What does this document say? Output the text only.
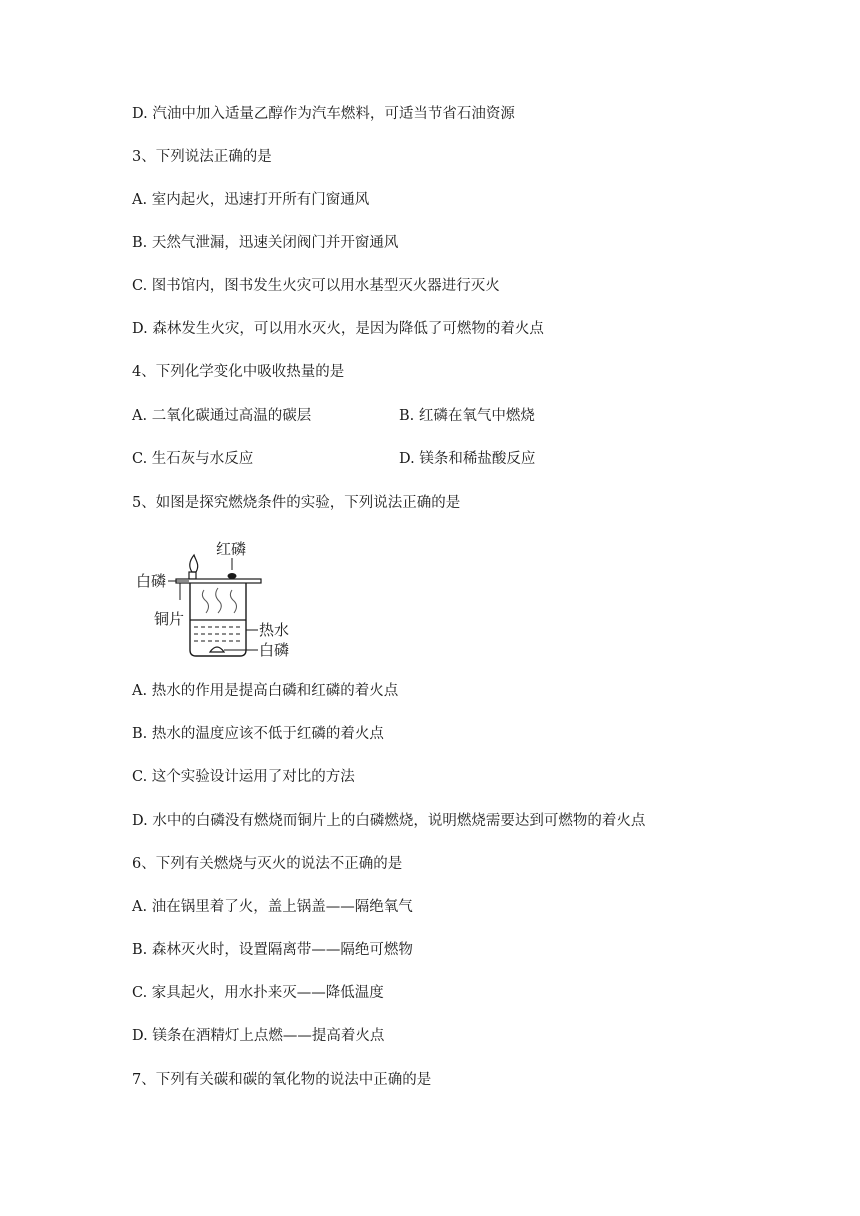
D. 汽油中加入适量乙醇作为汽车燃料，可适当节省石油资源
3、下列说法正确的是
A. 室内起火，迅速打开所有门窗通风
B. 天然气泄漏，迅速关闭阀门并开窗通风
C. 图书馆内，图书发生火灾可以用水基型灭火器进行灭火
D. 森林发生火灾，可以用水灭火，是因为降低了可燃物的着火点
4、下列化学变化中吸收热量的是
A. 二氧化碳通过高温的碳层	B. 红磷在氧气中燃烧
C. 生石灰与水反应	D. 镁条和稀盐酸反应
5、如图是探究燃烧条件的实验，下列说法正确的是
红磷
白磷
铜片
热水
白磷
A. 热水的作用是提高白磷和红磷的着火点
B. 热水的温度应该不低于红磷的着火点
C. 这个实验设计运用了对比的方法
D. 水中的白磷没有燃烧而铜片上的白磷燃烧，说明燃烧需要达到可燃物的着火点
6、下列有关燃烧与灭火的说法不正确的是
A. 油在锅里着了火，盖上锅盖——隔绝氧气
B. 森林灭火时，设置隔离带——隔绝可燃物
C. 家具起火，用水扑来灭——降低温度
D. 镁条在酒精灯上点燃——提高着火点
7、下列有关碳和碳的氧化物的说法中正确的是
